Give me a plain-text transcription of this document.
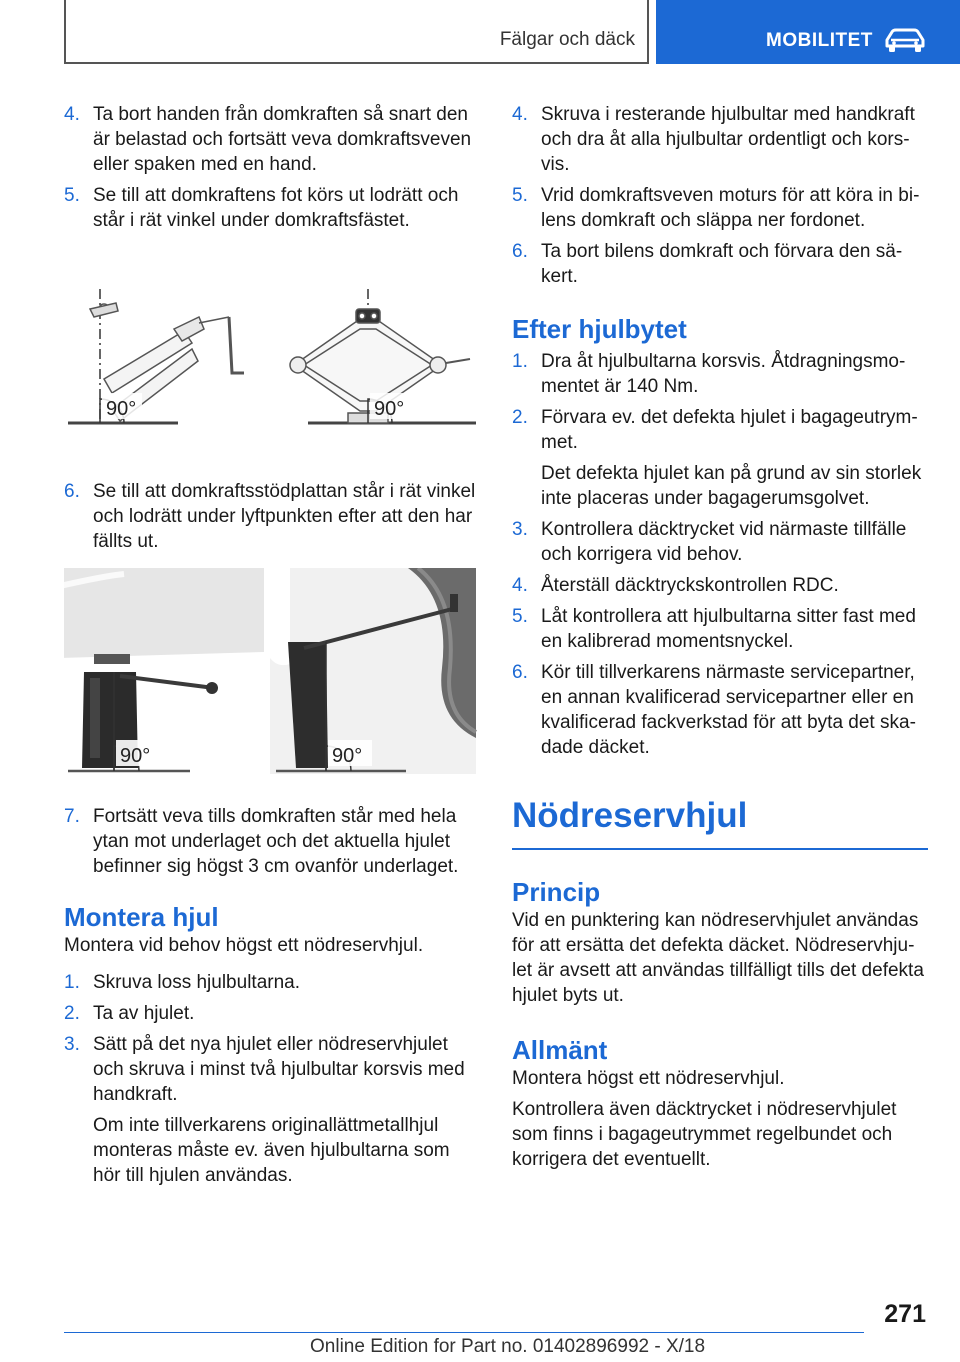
Fälgar och däck	MOBILITET
4. Ta bort handen från domkraften så snart den är belastad och fortsätt veva domkraftsveven eller spaken med en hand.
5. Se till att domkraftens fot körs ut lodrätt och står i rät vinkel under domkraftsfästet.
90°	90°
6. Se till att domkraftsstödplattan står i rät vinkel och lodrätt under lyftpunkten efter att den har fällts ut.
90°	90°
7. Fortsätt veva tills domkraften står med hela ytan mot underlaget och det aktuella hjulet befinner sig högst 3 cm ovanför underlaget.
Montera hjul

Montera vid behov högst ett nödreservhjul.

1. Skruva loss hjulbultarna.
2. Ta av hjulet.
3. Sätt på det nya hjulet eller nödreservhjulet och skruva i minst två hjulbultar korsvis med handkraft.
Om inte tillverkarens originallättmetallhjul monteras måste ev. även hjulbultarna som hör till hjulen användas.
4. Skruva i resterande hjulbultar med handkraft och dra åt alla hjulbultar ordentligt och korsvis.
5. Vrid domkraftsveven moturs för att köra in bilens domkraft och släppa ner fordonet.
6. Ta bort bilens domkraft och förvara den säkert.
Efter hjulbytet
1. Dra åt hjulbultarna korsvis. Åtdragningsmomentet är 140 Nm.
2. Förvara ev. det defekta hjulet i bagageutrymmet.
Det defekta hjulet kan på grund av sin storlek inte placeras under bagagerumsgolvet.
3. Kontrollera däcktrycket vid närmaste tillfälle och korrigera vid behov.
4. Återställ däcktryckskontrollen RDC.
5. Låt kontrollera att hjulbultarna sitter fast med en kalibrerad momentsnyckel.
6. Kör till tillverkarens närmaste servicepartner, en annan kvalificerad servicepartner eller en kvalificerad fackverkstad för att byta det skadade däcket.
Nödreservhjul
Princip

Vid en punktering kan nödreservhjulet användas för att ersätta det defekta däcket. Nödreservhjulet är avsett att användas tillfälligt tills det defekta hjulet byts ut.

Allmänt

Montera högst ett nödreservhjul.

Kontrollera även däcktrycket i nödreservhjulet som finns i bagageutrymmet regelbundet och korrigera det eventuellt.

271
Online Edition for Part no. 01402896992 - X/18
